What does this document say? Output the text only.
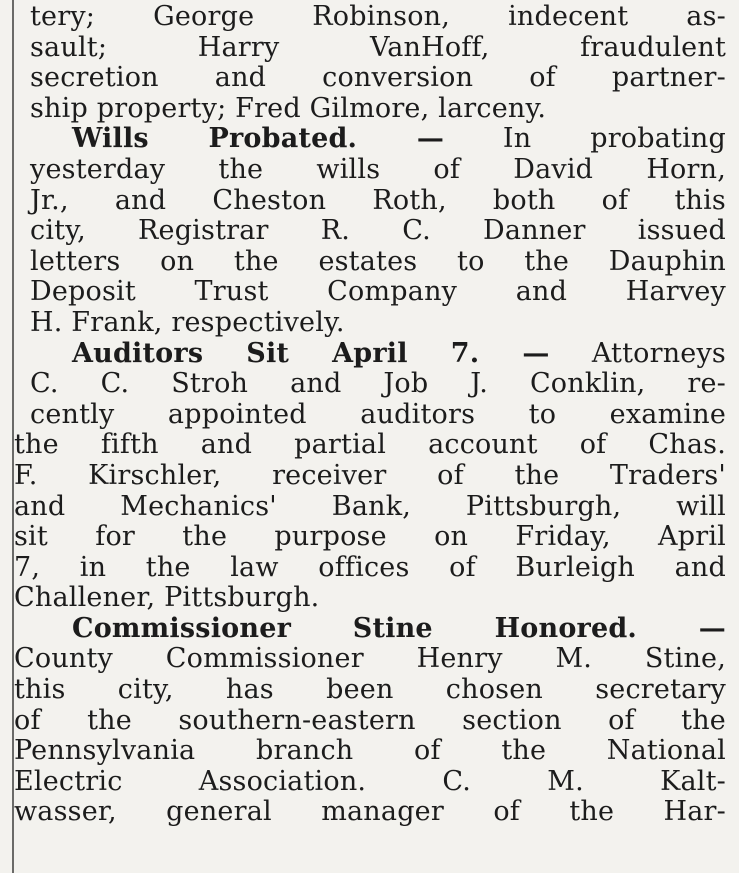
tery; George Robinson, indecent as-
sault; Harry VanHoff, fraudulent
secretion and conversion of partner-
ship property; Fred Gilmore, larceny.
Wills Probated. — In probating
yesterday the wills of David Horn,
Jr., and Cheston Roth, both of this
city, Registrar R. C. Danner issued
letters on the estates to the Dauphin
Deposit Trust Company and Harvey
H. Frank, respectively.
Auditors Sit April 7. — Attorneys
C. C. Stroh and Job J. Conklin, re-
cently appointed auditors to examine
the fifth and partial account of Chas.
F. Kirschler, receiver of the Traders'
and Mechanics' Bank, Pittsburgh, will
sit for the purpose on Friday, April
7, in the law offices of Burleigh and
Challener, Pittsburgh.
Commissioner Stine Honored. —
County Commissioner Henry M. Stine,
this city, has been chosen secretary
of the southern-eastern section of the
Pennsylvania branch of the National
Electric Association. C. M. Kalt-
wasser, general manager of the Har-
